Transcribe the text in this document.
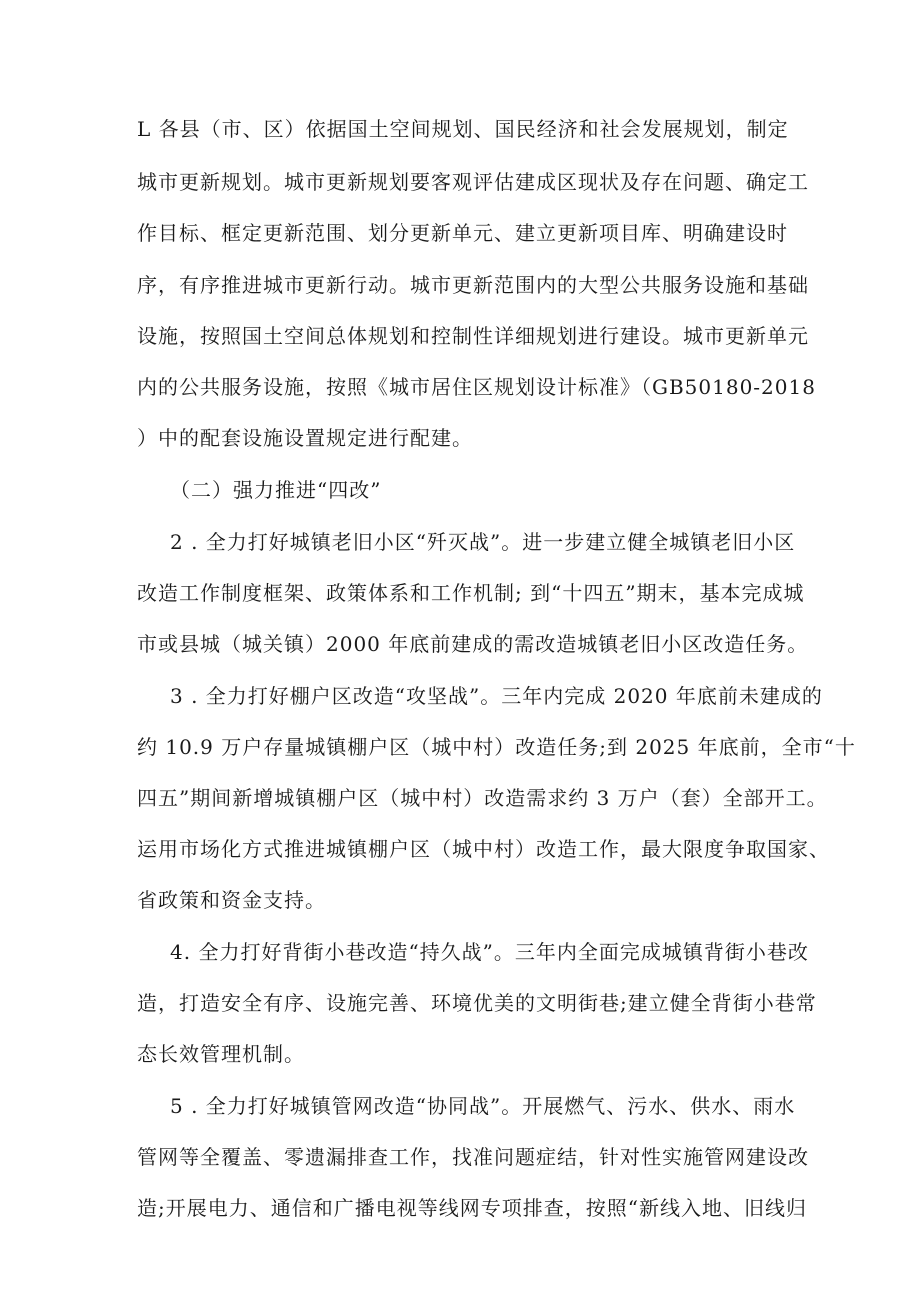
L 各县（市、区）依据国土空间规划、国民经济和社会发展规划，制定
城市更新规划。城市更新规划要客观评估建成区现状及存在问题、确定工
作目标、框定更新范围、划分更新单元、建立更新项目库、明确建设时
序，有序推进城市更新行动。城市更新范围内的大型公共服务设施和基础
设施，按照国土空间总体规划和控制性详细规划进行建设。城市更新单元
内的公共服务设施，按照《城市居住区规划设计标准》（GB50180-2018
）中的配套设施设置规定进行配建。
（二）强力推进“四改”
2 . 全力打好城镇老旧小区“歼灭战”。进一步建立健全城镇老旧小区
改造工作制度框架、政策体系和工作机制; 到“十四五”期末，基本完成城
市或县城（城关镇）2000 年底前建成的需改造城镇老旧小区改造任务。
3 . 全力打好棚户区改造“攻坚战”。三年内完成 2020 年底前未建成的
约 10.9 万户存量城镇棚户区（城中村）改造任务;到 2025 年底前，全市“十
四五”期间新增城镇棚户区（城中村）改造需求约 3 万户（套）全部开工。
运用市场化方式推进城镇棚户区（城中村）改造工作，最大限度争取国家、
省政策和资金支持。
4. 全力打好背街小巷改造“持久战”。三年内全面完成城镇背街小巷改
造，打造安全有序、设施完善、环境优美的文明街巷;建立健全背街小巷常
态长效管理机制。
5 . 全力打好城镇管网改造“协同战”。开展燃气、污水、供水、雨水
管网等全覆盖、零遗漏排查工作，找准问题症结，针对性实施管网建设改
造;开展电力、通信和广播电视等线网专项排查，按照“新线入地、旧线归
